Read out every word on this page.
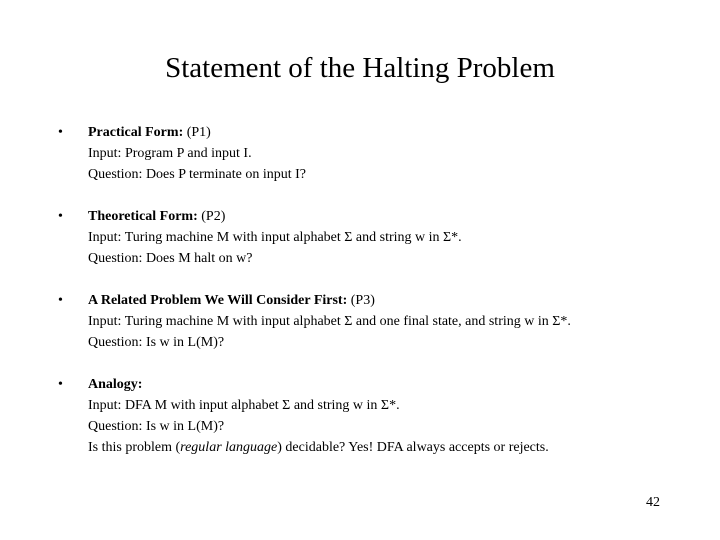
Statement of the Halting Problem
• Practical Form: (P1)
Input: Program P and input I.
Question: Does P terminate on input I?
• Theoretical Form: (P2)
Input: Turing machine M with input alphabet Σ and string w in Σ*.
Question: Does M halt on w?
• A Related Problem We Will Consider First: (P3)
Input: Turing machine M with input alphabet Σ and one final state, and string w in Σ*.
Question: Is w in L(M)?
• Analogy:
Input: DFA M with input alphabet Σ and string w in Σ*.
Question: Is w in L(M)?
Is this problem (regular language) decidable? Yes! DFA always accepts or rejects.
42
